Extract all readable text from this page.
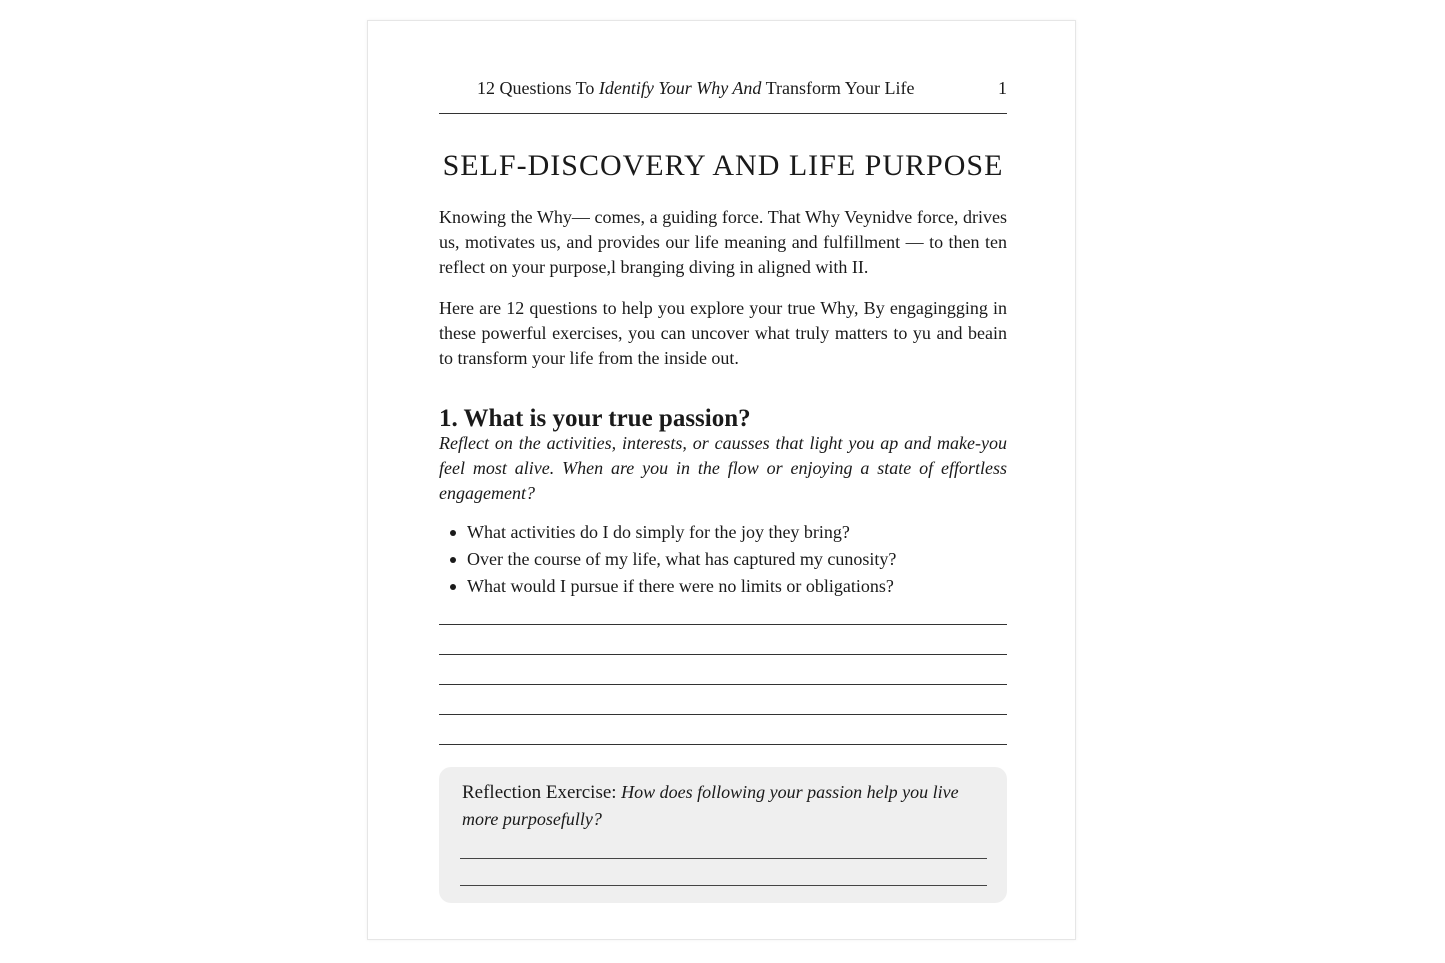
12 Questions To Identify Your Why And Transform Your Life	1
SELF-DISCOVERY AND LIFE PURPOSE

Knowing the Why— comes, a guiding force. That Why Veynidve force, drives us, motivates us, and provides our life meaning and fulfillment — to then ten reflect on your purpose,l branging diving in aligned with II.

Here are 12 questions to help you explore your true Why, By engagingging in these powerful exercises, you can uncover what truly matters to yu and beain to transform your life from the inside out.

1. What is your true passion?

Reflect on the activities, interests, or causses that light you ap and make-you feel most alive. When are you in the flow or enjoying a state of effortless engagement?

What activities do I do simply for the joy they bring?
Over the course of my life, what has captured my cunosity?
What would I pursue if there were no limits or obligations?

Reflection Exercise: How does following your passion help you live more purposefully?
